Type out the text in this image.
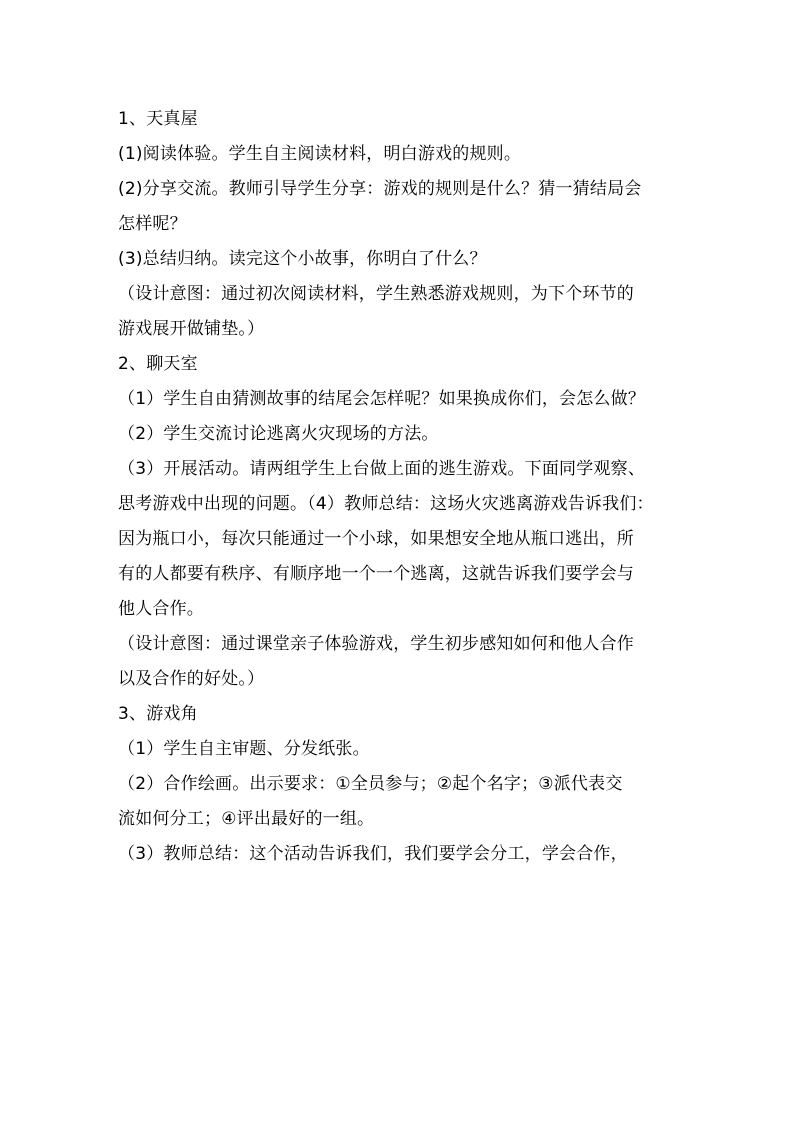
1、天真屋

(1)阅读体验。学生自主阅读材料，明白游戏的规则。

(2)分享交流。教师引导学生分享：游戏的规则是什么？猜一猜结局会

怎样呢？

(3)总结归纳。读完这个小故事，你明白了什么？

（设计意图：通过初次阅读材料，学生熟悉游戏规则，为下个环节的

游戏展开做铺垫。）

2、聊天室

（1）学生自由猜测故事的结尾会怎样呢？如果换成你们，会怎么做？

（2）学生交流讨论逃离火灾现场的方法。

（3）开展活动。请两组学生上台做上面的逃生游戏。下面同学观察、

思考游戏中出现的问题。（4）教师总结：这场火灾逃离游戏告诉我们：

因为瓶口小，每次只能通过一个小球，如果想安全地从瓶口逃出，所

有的人都要有秩序、有顺序地一个一个逃离，这就告诉我们要学会与

他人合作。

（设计意图：通过课堂亲子体验游戏，学生初步感知如何和他人合作

以及合作的好处。）

3、游戏角

（1）学生自主审题、分发纸张。

（2）合作绘画。出示要求：①全员参与；②起个名字；③派代表交

流如何分工；④评出最好的一组。

（3）教师总结：这个活动告诉我们，我们要学会分工，学会合作，
